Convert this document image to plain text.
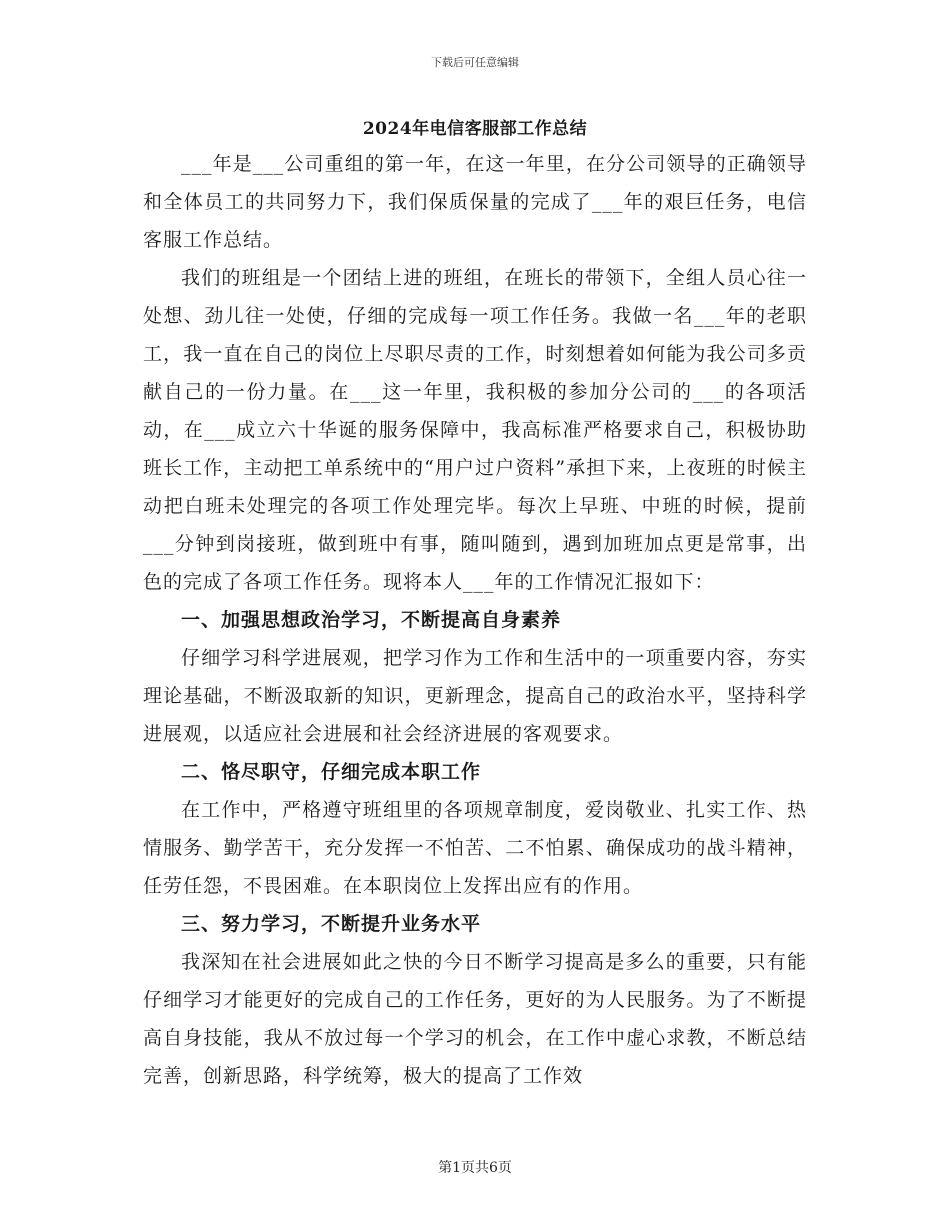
下载后可任意编辑
2024年电信客服部工作总结

___年是___公司重组的第一年，在这一年里，在分公司领导的正确领导和全体员工的共同努力下，我们保质保量的完成了___年的艰巨任务，电信客服工作总结。

我们的班组是一个团结上进的班组，在班长的带领下，全组人员心往一处想、劲儿往一处使，仔细的完成每一项工作任务。我做一名___年的老职工，我一直在自己的岗位上尽职尽责的工作，时刻想着如何能为我公司多贡献自己的一份力量。在___这一年里，我积极的参加分公司的___的各项活动，在___成立六十华诞的服务保障中，我高标准严格要求自己，积极协助班长工作，主动把工单系统中的“用户过户资料”承担下来，上夜班的时候主动把白班未处理完的各项工作处理完毕。每次上早班、中班的时候，提前___分钟到岗接班，做到班中有事，随叫随到，遇到加班加点更是常事，出色的完成了各项工作任务。现将本人___年的工作情况汇报如下：

一、加强思想政治学习，不断提高自身素养

仔细学习科学进展观，把学习作为工作和生活中的一项重要内容，夯实理论基础，不断汲取新的知识，更新理念，提高自己的政治水平，坚持科学进展观，以适应社会进展和社会经济进展的客观要求。

二、恪尽职守，仔细完成本职工作

在工作中，严格遵守班组里的各项规章制度，爱岗敬业、扎实工作、热情服务、勤学苦干，充分发挥一不怕苦、二不怕累、确保成功的战斗精神，任劳任怨，不畏困难。在本职岗位上发挥出应有的作用。

三、努力学习，不断提升业务水平

我深知在社会进展如此之快的今日不断学习提高是多么的重要，只有能仔细学习才能更好的完成自己的工作任务，更好的为人民服务。为了不断提高自身技能，我从不放过每一个学习的机会，在工作中虚心求教，不断总结完善，创新思路，科学统筹，极大的提高了工作效

第1页共6页
